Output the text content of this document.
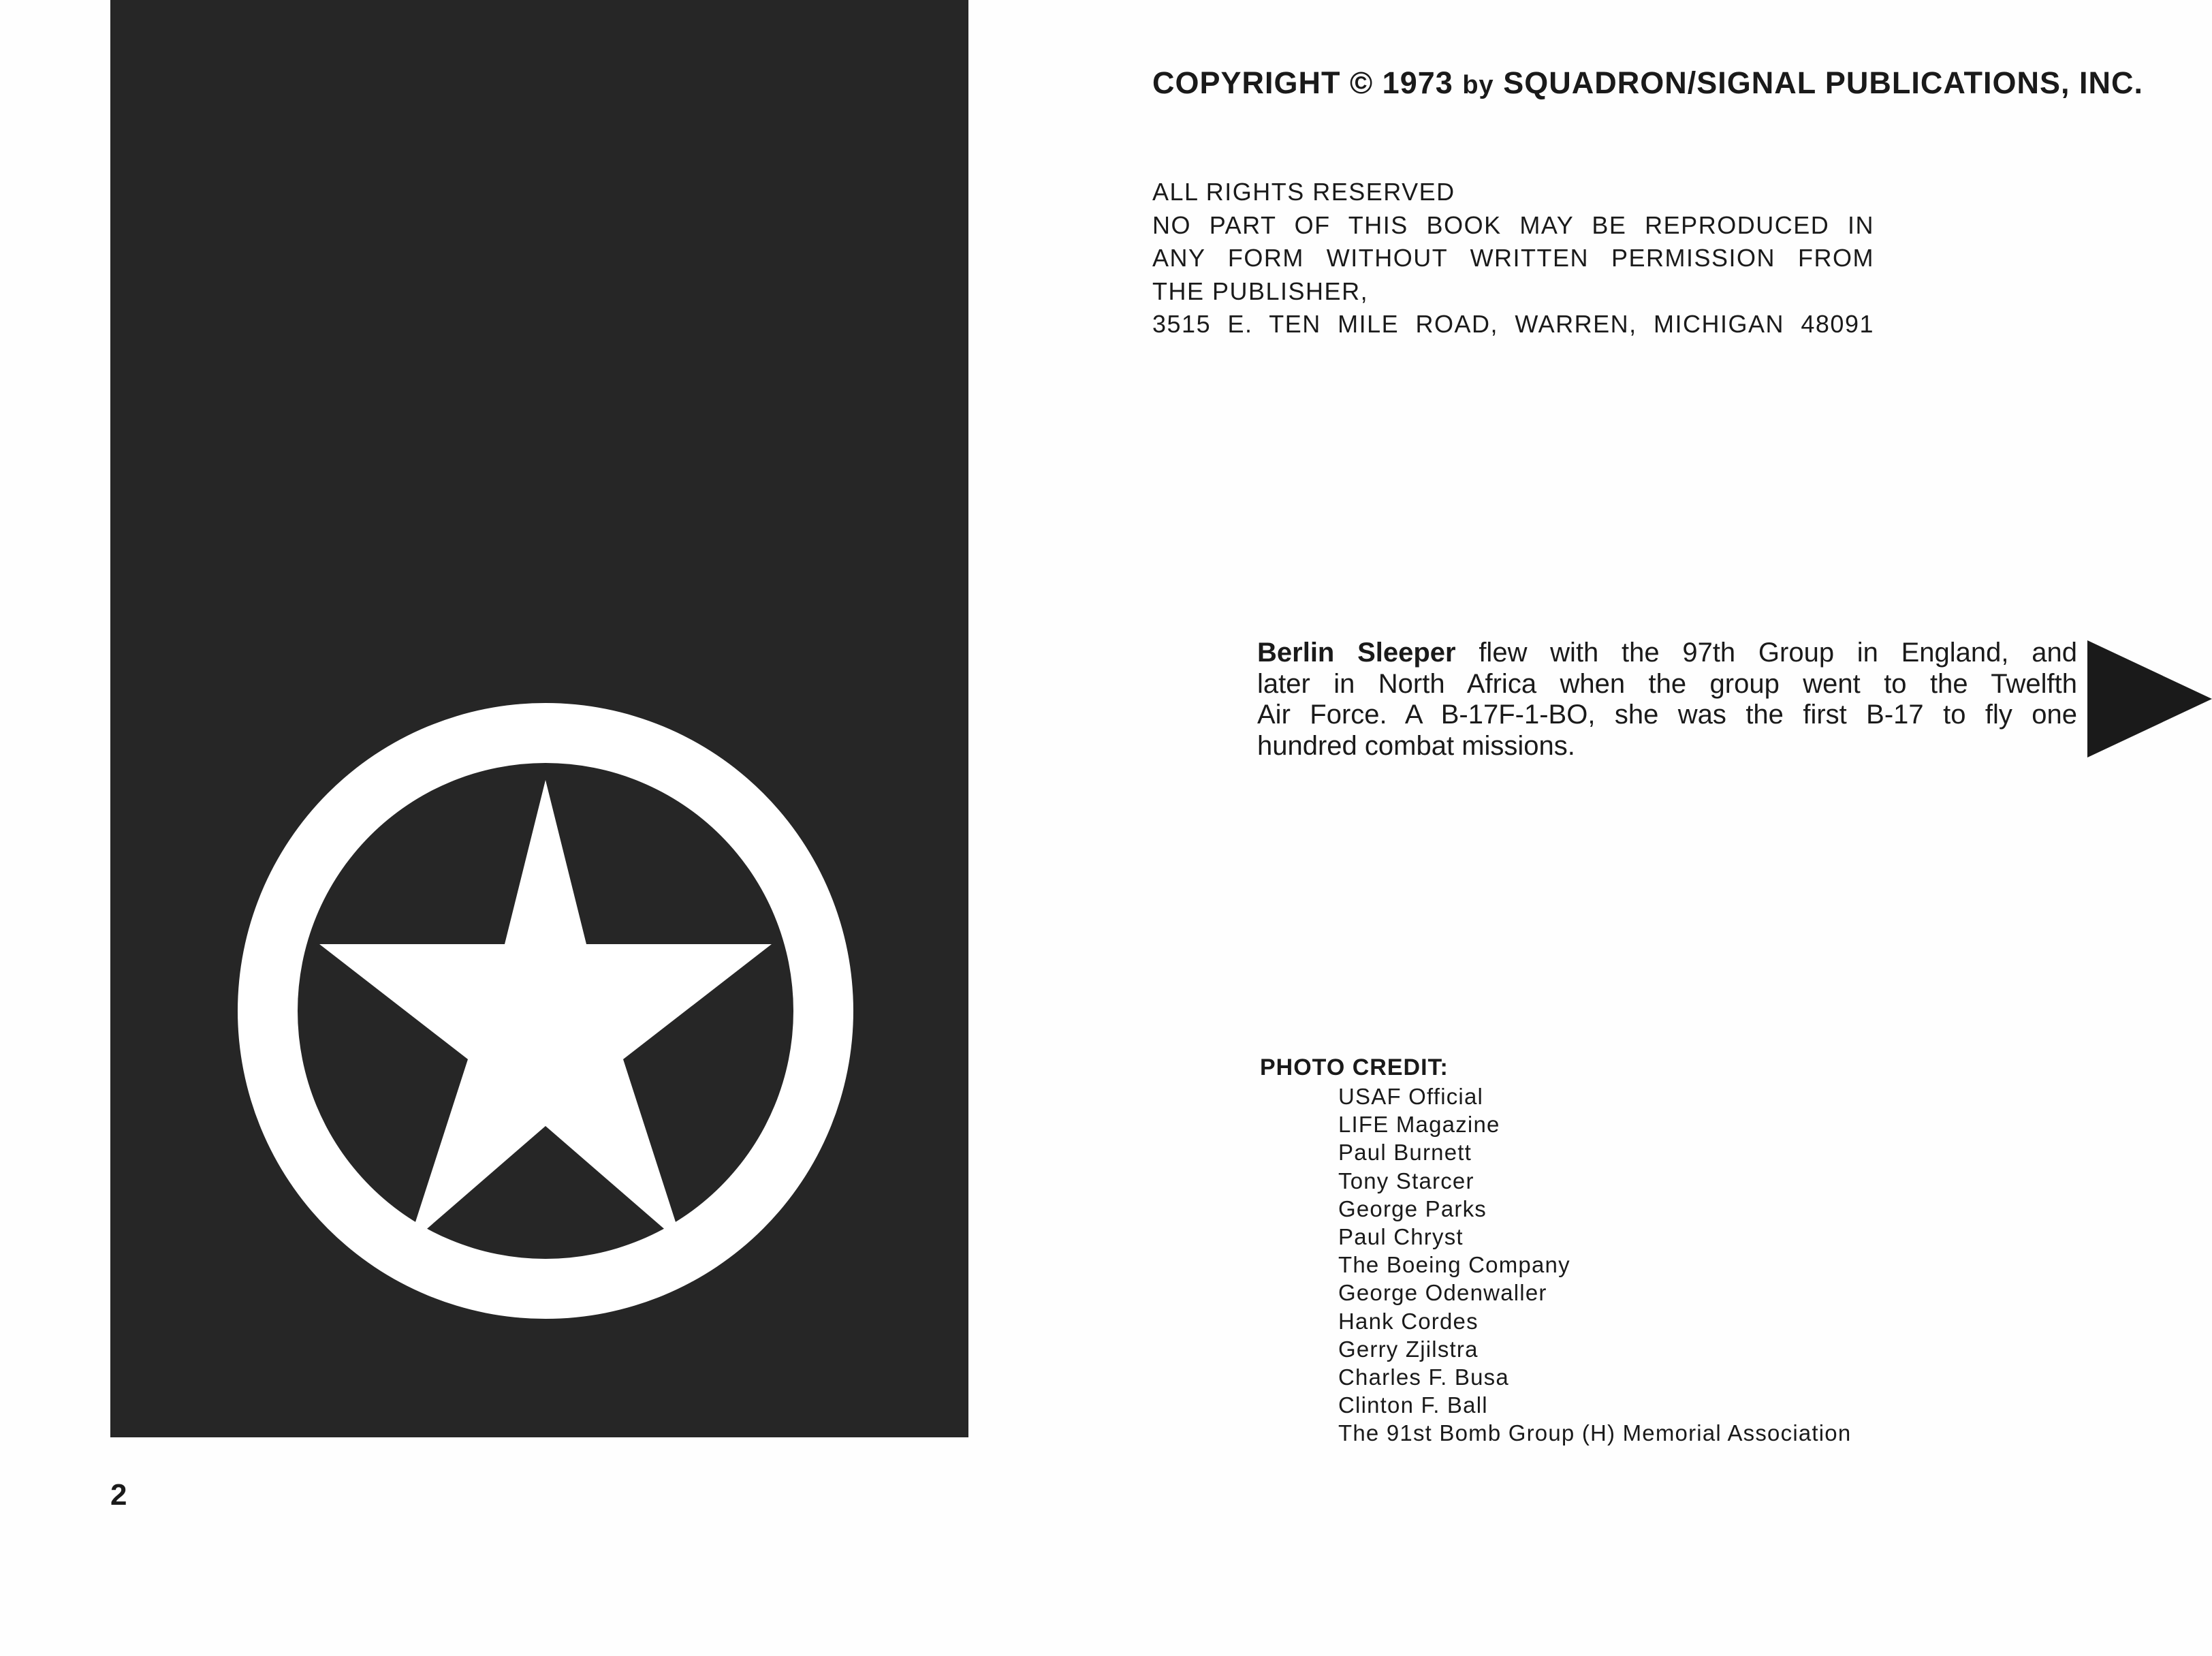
2
COPYRIGHT © 1973 by SQUADRON/SIGNAL PUBLICATIONS, INC.
ALL RIGHTS RESERVED
NO PART OF THIS BOOK MAY BE REPRODUCED IN
ANY FORM WITHOUT WRITTEN PERMISSION FROM
THE PUBLISHER,
3515 E. TEN MILE ROAD, WARREN, MICHIGAN 48091
Berlin Sleeper flew with the 97th Group in England, and
later in North Africa when the group went to the Twelfth
Air Force. A B-17F-1-BO, she was the first B-17 to fly one
hundred combat missions.
PHOTO CREDIT:
USAF Official
LIFE Magazine
Paul Burnett
Tony Starcer
George Parks
Paul Chryst
The Boeing Company
George Odenwaller
Hank Cordes
Gerry Zjilstra
Charles F. Busa
Clinton F. Ball
The 91st Bomb Group (H) Memorial Association
